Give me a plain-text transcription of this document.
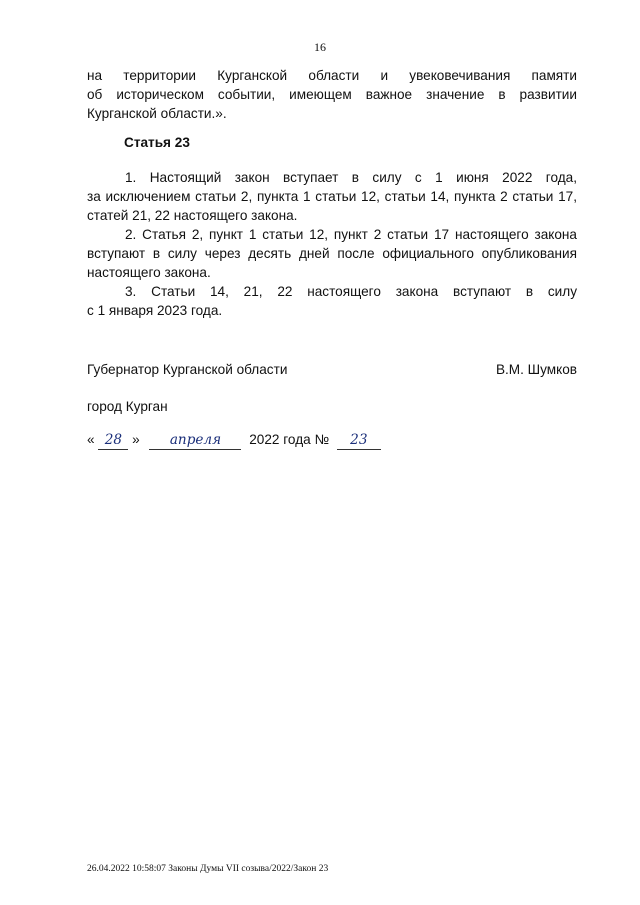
16
на территории Курганской области и увековечивания памяти
об историческом событии, имеющем важное значение в развитии
Курганской области.».
Статья 23
1. Настоящий закон вступает в силу с 1 июня 2022 года,
за исключением статьи 2, пункта 1 статьи 12, статьи 14, пункта 2 статьи 17,
статей 21, 22 настоящего закона.
2. Статья 2, пункт 1 статьи 12, пункт 2 статьи 17 настоящего закона
вступают в силу через десять дней после официального опубликования
настоящего закона.
3. Статьи 14, 21, 22 настоящего закона вступают в силу
с 1 января 2023 года.
Губернатор Курганской области	В.М. Шумков
город Курган
« 28 » апреля 2022 года № 23
26.04.2022 10:58:07 Законы Думы VII созыва/2022/Закон 23
